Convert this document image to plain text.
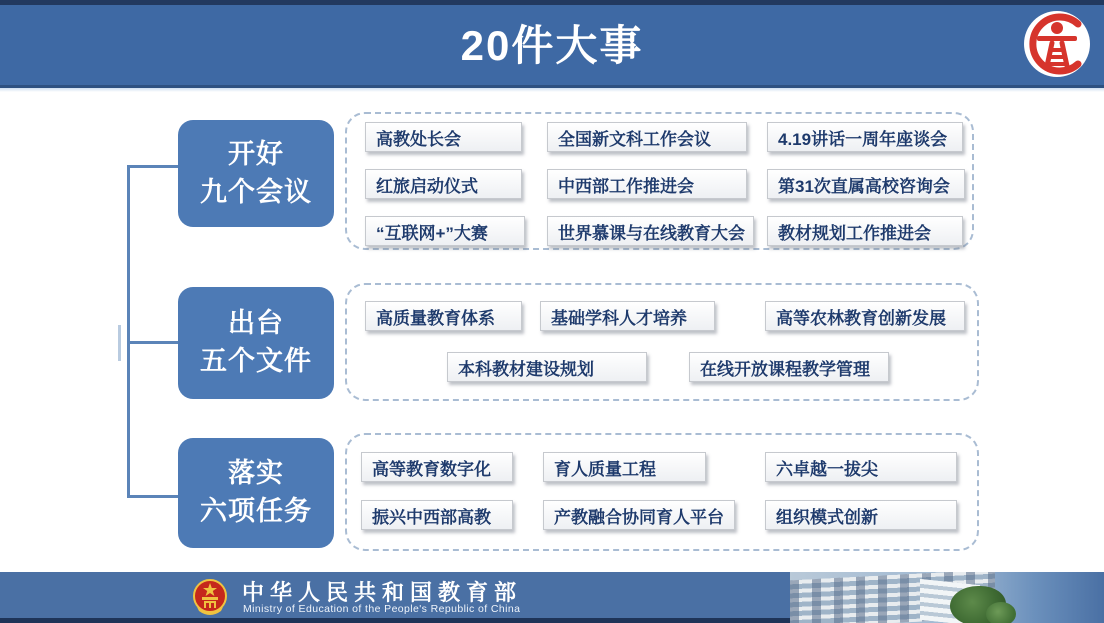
20件大事
开好
九个会议
出台
五个文件
落实
六项任务
高教处长会	全国新文科工作会议	4.19讲话一周年座谈会
红旅启动仪式	中西部工作推进会	第31次直属高校咨询会
“互联网+”大赛	世界慕课与在线教育大会	教材规划工作推进会
高质量教育体系	基础学科人才培养	高等农林教育创新发展
本科教材建设规划	在线开放课程教学管理
高等教育数字化	育人质量工程	六卓越一拔尖
振兴中西部高教	产教融合协同育人平台	组织模式创新
中华人民共和国教育部
Ministry of Education of the People's Republic of China
